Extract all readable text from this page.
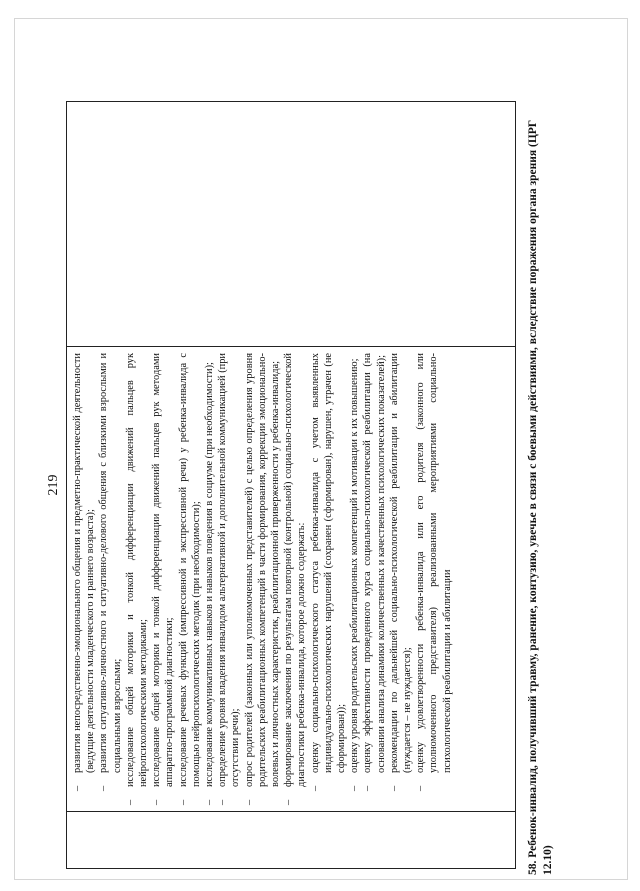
219
–
развития непосредственно-эмоционального общения и предметно-практической деятельности (ведущие деятельности младенческого и раннего возраста);
–
развития ситуативно-личностного и ситуативно-делового общения с близкими взрослыми и социальными взрослыми;
–
исследование общей моторики и тонкой дифференциации движений пальцев рук нейропсихологическими методиками;
–
исследование общей моторики и тонкой дифференциации движений пальцев рук методами аппаратно-программной диагностики;
–
исследование речевых функций (импрессивной и экспрессивной речи) у ребенка-инвалида с помощью нейропсихологических методик (при необходимости);
–
исследование коммуникативных навыков и навыков поведения в социуме (при необходимости);
–
определение уровня владения инвалидом альтернативной и дополнительной коммуникацией (при отсутствии речи);
–
опрос родителей (законных или уполномоченных представителей) с целью определения уровня родительских реабилитационных компетенций в части формирования, коррекции эмоционально-волевых и личностных характеристик, реабилитационной приверженности у ребенка-инвалида;
–
формирование заключения по результатам повторной (контрольной) социально-психологической диагностики ребенка-инвалида, которое должно содержать:
–
оценку социально-психологического статуса ребенка-инвалида с учетом выявленных индивидуально-психологических нарушений (сохранен (сформирован), нарушен, утрачен (не сформирован));
–
оценку уровня родительских реабилитационных компетенций и мотивации к их повышению;
–
оценку эффективности проведенного курса социально-психологической реабилитации (на основании анализа динамики количественных и качественных психологических показателей);
–
рекомендации по дальнейшей социально-психологической реабилитации и абилитации (нуждается – не нуждается);
–
оценку удовлетворенности ребенка-инвалида или его родителя (законного или уполномоченного представителя) реализованными мероприятиями социально-психологической реабилитации и абилитации	58. Ребенок-инвалид, получивший травму, ранение, контузию, увечье в связи с боевыми действиями, вследствие поражения органа зрения (ЦРГ 12.10)
